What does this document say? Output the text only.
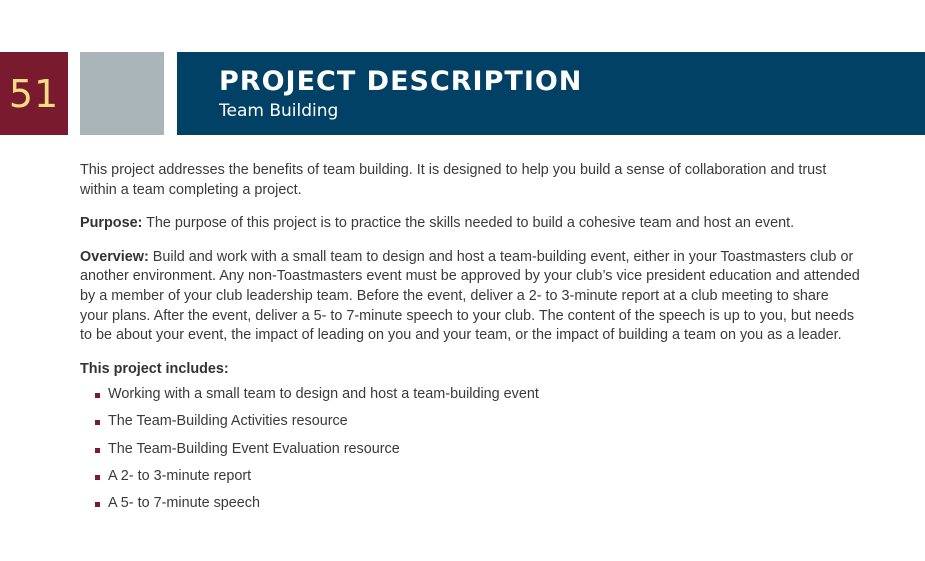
51	PROJECT DESCRIPTION
Team Building

This project addresses the benefits of team building. It is designed to help you build a sense of collaboration and trust within a team completing a project.

Purpose: The purpose of this project is to practice the skills needed to build a cohesive team and host an event.

Overview: Build and work with a small team to design and host a team-building event, either in your Toastmasters club or another environment. Any non-Toastmasters event must be approved by your club’s vice president education and attended by a member of your club leadership team. Before the event, deliver a 2- to 3-minute report at a club meeting to share your plans. After the event, deliver a 5- to 7-minute speech to your club. The content of the speech is up to you, but needs to be about your event, the impact of leading on you and your team, or the impact of building a team on you as a leader.

This project includes:
Working with a small team to design and host a team-building event
The Team-Building Activities resource
The Team-Building Event Evaluation resource
A 2- to 3-minute report
A 5- to 7-minute speech
